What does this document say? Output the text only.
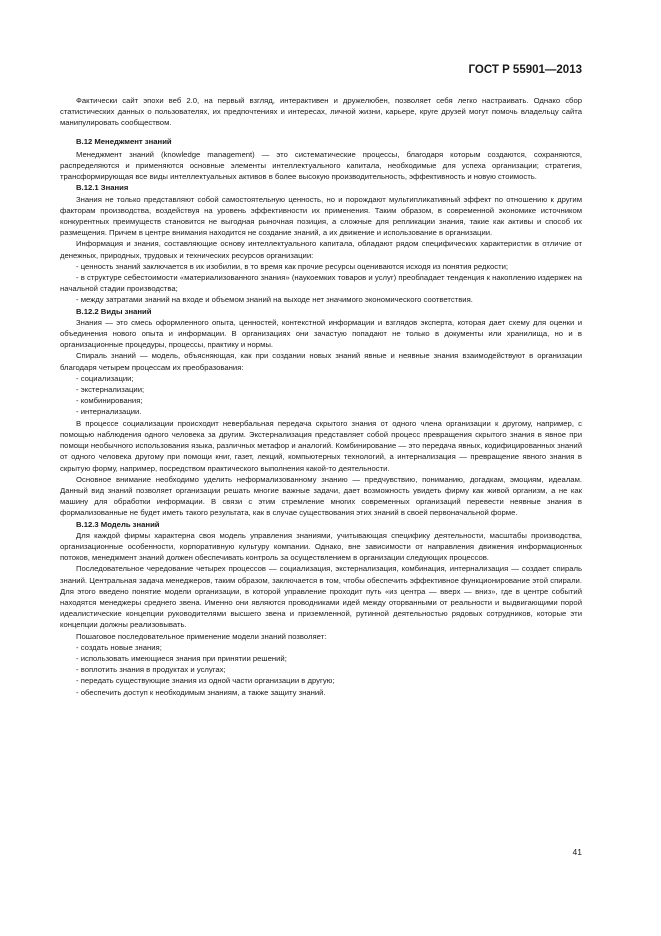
ГОСТ Р 55901—2013
Фактически сайт эпохи веб 2.0, на первый взгляд, интерактивен и дружелюбен, позволяет себя легко настраивать. Однако сбор статистических данных о пользователях, их предпочтениях и интересах, личной жизни, карьере, круге друзей могут помочь владельцу сайта манипулировать сообществом.
В.12 Менеджмент знаний
Менеджмент знаний (knowledge management) — это систематические процессы, благодаря которым создаются, сохраняются, распределяются и применяются основные элементы интеллектуального капитала, необходимые для успеха организации; стратегия, трансформирующая все виды интеллектуальных активов в более высокую производительность, эффективность и новую стоимость.
В.12.1 Знания
Знания не только представляют собой самостоятельную ценность, но и порождают мультипликативный эффект по отношению к другим факторам производства, воздействуя на уровень эффективности их применения. Таким образом, в современной экономике источником конкурентных преимуществ становится не выгодная рыночная позиция, а сложные для репликации знания, такие как активы и способ их размещения. Причем в центре внимания находится не создание знаний, а их движение и использование в организации.
Информация и знания, составляющие основу интеллектуального капитала, обладают рядом специфических характеристик в отличие от денежных, природных, трудовых и технических ресурсов организации:
- ценность знаний заключается в их изобилии, в то время как прочие ресурсы оцениваются исходя из понятия редкости;
- в структуре себестоимости «материализованного знания» (наукоемких товаров и услуг) преобладает тенденция к накоплению издержек на начальной стадии производства;
- между затратами знаний на входе и объемом знаний на выходе нет значимого экономического соответствия.
В.12.2 Виды знаний
Знания — это смесь оформленного опыта, ценностей, контекстной информации и взглядов эксперта, которая дает схему для оценки и объединения нового опыта и информации. В организациях они зачастую попадают не только в документы или хранилища, но и в организационные процедуры, процессы, практику и нормы.
Спираль знаний — модель, объясняющая, как при создании новых знаний явные и неявные знания взаимодействуют в организации благодаря четырем процессам их преобразования:
- социализации;
- экстернализации;
- комбинирования;
- интернализации.
В процессе социализации происходит невербальная передача скрытого знания от одного члена организации к другому, например, с помощью наблюдения одного человека за другим. Экстернализация представляет собой процесс превращения скрытого знания в явное при помощи необычного использования языка, различных метафор и аналогий. Комбинирование — это передача явных, кодифицированных знаний от одного человека другому при помощи книг, газет, лекций, компьютерных технологий, а интернализация — превращение явного знания в скрытую форму, например, посредством практического выполнения какой-то деятельности.
Основное внимание необходимо уделить неформализованному знанию — предчувствию, пониманию, догадкам, эмоциям, идеалам. Данный вид знаний позволяет организации решать многие важные задачи, дает возможность увидеть фирму как живой организм, а не как машину для обработки информации. В связи с этим стремление многих современных организаций перевести неявные знания в формализованные не будет иметь такого результата, как в случае существования этих знаний в своей первоначальной форме.
В.12.3 Модель знаний
Для каждой фирмы характерна своя модель управления знаниями, учитывающая специфику деятельности, масштабы производства, организационные особенности, корпоративную культуру компании. Однако, вне зависимости от направления движения информационных потоков, менеджмент знаний должен обеспечивать контроль за осуществлением в организации следующих процессов.
Последовательное чередование четырех процессов — социализация, экстернализация, комбинация, интернализация — создает спираль знаний. Центральная задача менеджеров, таким образом, заключается в том, чтобы обеспечить эффективное функционирование этой спирали. Для этого введено понятие модели организации, в которой управление проходит путь «из центра — вверх — вниз», где в центре событий находятся менеджеры среднего звена. Именно они являются проводниками идей между оторванными от реальности и выдвигающими порой идеалистические концепции руководителями высшего звена и приземленной, рутинной деятельностью рядовых сотрудников, которые эти концепции должны реализовывать.
Пошаговое последовательное применение модели знаний позволяет:
- создать новые знания;
- использовать имеющиеся знания при принятии решений;
- воплотить знания в продуктах и услугах;
- передать существующие знания из одной части организации в другую;
- обеспечить доступ к необходимым знаниям, а также защиту знаний.
41
